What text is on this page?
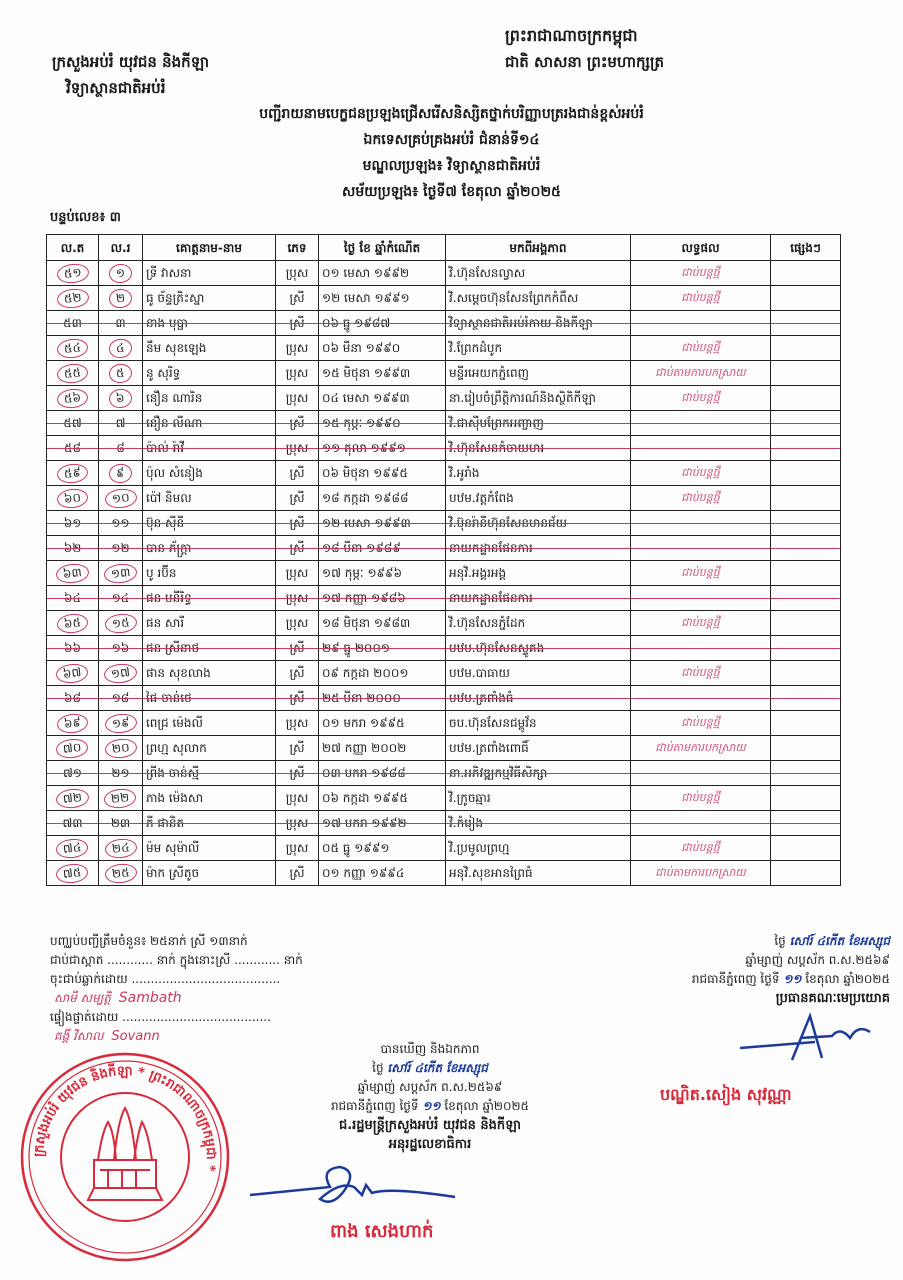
ព្រះរាជាណាចក្រកម្ពុជា
ជាតិ សាសនា ព្រះមហាក្សត្រ
ក្រសួងអប់រំ យុវជន និងកីឡា
វិទ្យាស្ថានជាតិអប់រំ
បញ្ជីរាយនាមបេក្ខជនប្រឡងជ្រើសរើសនិស្សិតថ្នាក់បរិញ្ញាបត្ររងជាន់ខ្ពស់អប់រំ
ឯកទេសគ្រប់គ្រងអប់រំ ជំនាន់ទី១៤
មណ្ឌលប្រឡង៖ វិទ្យាស្ថានជាតិអប់រំ
សម័យប្រឡង៖ ថ្ងៃទី៧ ខែតុលា ឆ្នាំ២០២៥
បន្ទប់លេខ៖ ៣
ល.ត	ល.រ	គោត្តនាម-នាម	ភេទ	ថ្ងៃ ខែ ឆ្នាំកំណើត	មកពីអង្គភាព	លទ្ធផល	ផ្សេងៗ
៥១	១	ទ្រី វាសនា	ប្រុស	០១ មេសា ១៩៩២	វិ.ហ៊ុនសែនល្វាស	ជាប់បន្តថ្មី	
៥២	២	ធូ ច័ន្ទត្រិះស្នា	ស្រី	១២ មេសា ១៩៩១	វិ.សម្តេចហ៊ុនសែនព្រែកកំពឹស	ជាប់បន្តថ្មី	
៥៣	៣	នាង បុប្ផា	ស្រី	០៦ ធ្នូ ១៩៨៧	វិទ្យាស្ថានជាតិអប់រំកាយ និងកីឡា		
៥៤	៤	នឹម សុខឡេង	ប្រុស	០៦ មីនា ១៩៩០	វិ.ព្រែកដំបូក	ជាប់បន្តថ្មី	
៥៥	៥	នូ សុរិទ្ធ	ប្រុស	១៥ មិថុនា ១៩៩៣	មន្ទីរអេយកភ្នំពេញ	ជាប់តាមការបកស្រាយ	
៥៦	៦	នឿន ណារិន	ប្រុស	០៤ មេសា ១៩៩៣	នា.រៀបចំព្រឹត្តិការណ៍និងស្ថិតិកីឡា	ជាប់បន្តថ្មី	
៥៧	៧	នឿន លីណា	ស្រី	១៥ កុម្ភៈ ១៩៩០	វិ.ជាស៊ីមព្រែកអញ្ចាញ		
៥៨	៨	ប៉ាល់ រ៉ាវី	ប្រុស	១១ តុលា ១៩៩១	វិ.ហ៊ុនសែនកំចាយមារ		
៥៩	៩	ប៉ុល សំនៀង	ស្រី	០៦ មិថុនា ១៩៩៥	វិ.អូរាំង	ជាប់បន្តថ្មី	
៦០	១០	ប៉ៅ និមល	ស្រី	១៨ កក្កដា ១៩៨៨	បឋម.វត្តកំពែង	ជាប់បន្តថ្មី	
៦១	១១	ប៊ុន ស៊ីនី	ស្រី	១២ មេសា ១៩៩៣	វិ.ប៊ុនរ៉ានីហ៊ុនសែនមានជ័យ		
៦២	១២	បាន ភ័ក្ត្រា	ស្រី	១៨ មីនា ១៩៨៩	នាយកដ្ឋានផែនការ		
៦៣	១៣	បូ រប៊ីន	ប្រុស	១៧ កុម្ភៈ ១៩៩៦	អនុវិ.អង្គរអង្គ	ជាប់បន្តថ្មី	
៦៤	១៤	ផន មនីរិទ្ធ	ប្រុស	១៧ កញ្ញា ១៩៨៦	នាយកដ្ឋានផែនការ		
៦៥	១៥	ផន សារី	ប្រុស	១៨ មិថុនា ១៩៨៣	វិ.ហ៊ុនសែនភ្នំដែក	ជាប់បន្តថ្មី	
៦៦	១៦	ផន ស្រីនាថ	ស្រី	២៩ ធ្នូ ២០០១	បឋម.ហ៊ុនសែនស្ទូគង		
៦៧	១៧	ផាន សុខលាង	ស្រី	០៩ កក្កដា ២០០១	បឋម.បាធាយ	ជាប់បន្តថ្មី	
៦៨	១៨	ផៃ ចាន់ថេ	ស្រី	២៥ មីនា ២០០០	បឋម.ត្រពាំងធំ		
៦៩	១៩	ពេជ្រ ម៉េងលី	ប្រុស	០១ មករា ១៩៩៥	ចប.ហ៊ុនសែនជម្ពូវ័ន	ជាប់បន្តថ្មី	
៧០	២០	ព្រហ្ម សុលាក	ស្រី	២៧ កញ្ញា ២០០២	បឋម.ត្រពាំងពោធិ៍	ជាប់តាមការបកស្រាយ	
៧១	២១	ព្រីង ចាន់ស្មី	ស្រី	០៣ មករា ១៩៨៨	នា.អភិវឌ្ឍកម្មវិធីសិក្សា		
៧២	២២	ភាង ម៉េងសា	ប្រុស	០៦ កក្កដា ១៩៩៥	វិ.ក្រូចឆ្មារ	ជាប់បន្តថ្មី	
៧៣	២៣	ភី ផានិត	ប្រុស	១៧ មករា ១៩៩២	វិ.កំរៀង		
៧៤	២៤	ម៉ម សុម៉ាលី	ប្រុស	០៥ ធ្នូ ១៩៩១	វិ.ប្រមូលព្រហ្ម	ជាប់បន្តថ្មី	
៧៥	២៥	ម៉ាក ស្រីតូច	ស្រី	០១ កញ្ញា ១៩៩៤	អនុវិ.សុខអានព្រៃធំ	ជាប់តាមការបកស្រាយ	
បញ្ឈប់បញ្ជីត្រឹមចំនួន៖ ២៥នាក់ ស្រី ១៣នាក់
ជាប់ជាស្ពាត ............ នាក់ ក្នុងនោះស្រី ............ នាក់
ចុះជាប់ឆ្លាក់ដោយ .......................................
សាមី សម្បត្តិ Sambath
ផ្ទៀងផ្ទាត់ដោយ .......................................
គង្គី វិសាល Sovann
ថ្ងៃ សៅរ៍ ៤កើត ខែអស្សុជ
ឆ្នាំម្សាញ់ សប្តស័ក ព.ស.២៥៦៩
រាជធានីភ្នំពេញ ថ្ងៃទី ១១ ខែតុលា ឆ្នាំ២០២៥
ប្រធានគណៈមេប្រយោគ
បណ្ឌិត.សៀង សុវណ្ណា
បានឃើញ និងឯកភាព
ថ្ងៃ សៅរ៍ ៤កើត ខែអស្សុជ
ឆ្នាំម្សាញ់ សប្តស័ក ព.ស.២៥៦៩
រាជធានីភ្នំពេញ ថ្ងៃទី ១១ ខែតុលា ឆ្នាំ២០២៥
ជ.រដ្ឋមន្ត្រីក្រសួងអប់រំ យុវជន និងកីឡា
អនុរដ្ឋលេខាធិការ
ក្រសួងអប់រំ យុវជន និងកីឡា * ព្រះរាជាណាចក្រកម្ពុជា *
ពាង សេងហាក់
